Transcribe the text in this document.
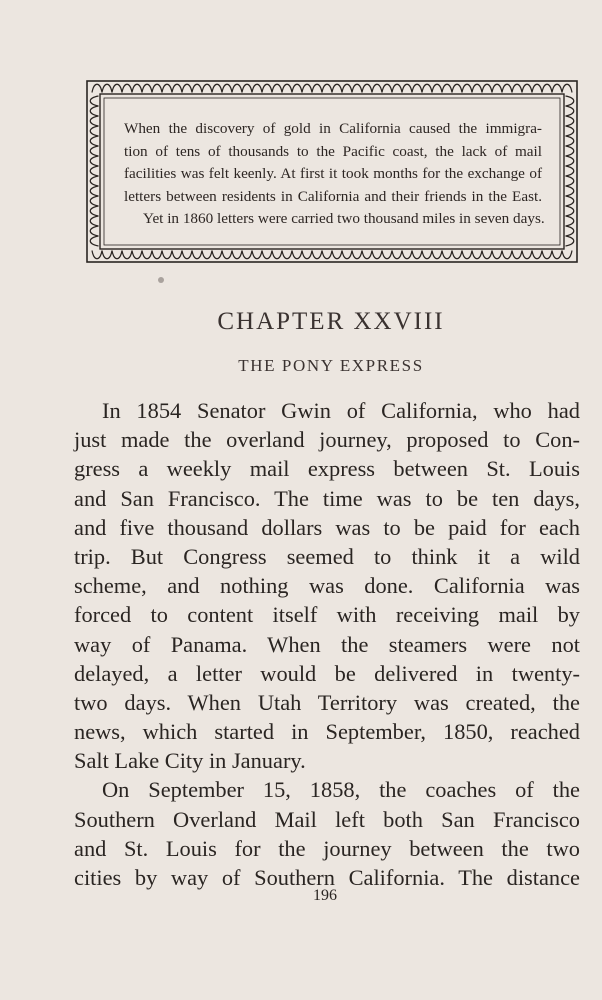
When the discovery of gold in California caused the immigra-
tion of tens of thousands to the Pacific coast, the lack of mail
facilities was felt keenly. At first it took months for the exchange of
letters between residents in California and their friends in the East.
Yet in 1860 letters were carried two thousand miles in seven days.
CHAPTER XXVIII
THE PONY EXPRESS
In 1854 Senator Gwin of California, who had
just made the overland journey, proposed to Con-
gress a weekly mail express between St. Louis
and San Francisco. The time was to be ten days,
and five thousand dollars was to be paid for each
trip. But Congress seemed to think it a wild
scheme, and nothing was done. California was
forced to content itself with receiving mail by
way of Panama. When the steamers were not
delayed, a letter would be delivered in twenty-
two days. When Utah Territory was created, the
news, which started in September, 1850, reached
Salt Lake City in January.
On September 15, 1858, the coaches of the
Southern Overland Mail left both San Francisco
and St. Louis for the journey between the two
cities by way of Southern California. The distance
196
